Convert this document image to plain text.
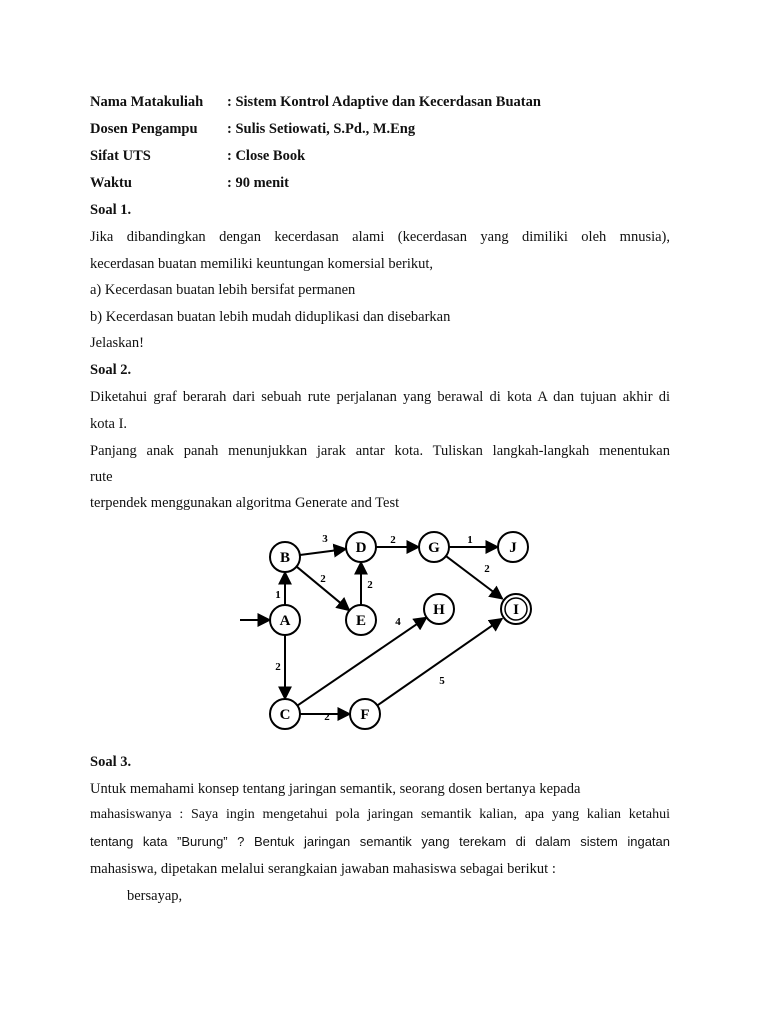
Nama Matakuliah : Sistem Kontrol Adaptive dan Kecerdasan Buatan
Dosen Pengampu : Sulis Setiowati, S.Pd., M.Eng
Sifat UTS	: Close Book
Waktu	: 90 menit
Soal 1.
Jika dibandingkan dengan kecerdasan alami (kecerdasan yang dimiliki oleh mnusia),
kecerdasan buatan memiliki keuntungan komersial berikut,
a) Kecerdasan buatan lebih bersifat permanen
b) Kecerdasan buatan lebih mudah diduplikasi dan disebarkan
Jelaskan!
Soal 2.
Diketahui graf berarah dari sebuah rute perjalanan yang berawal di kota A dan tujuan akhir di
kota I.
Panjang anak panah menunjukkan jarak antar kota. Tuliskan langkah-langkah menentukan
rute
terpendek menggunakan algoritma Generate and Test
1
3
2	2
2	1
2
2
4
2
5
B
D	G	J
A	E
H	I
C	F
Soal 3.
Untuk memahami konsep tentang jaringan semantik, seorang dosen bertanya kepada
mahasiswanya : Saya ingin mengetahui pola jaringan semantik kalian, apa yang kalian ketahui
tentang kata ”Burung” ? Bentuk jaringan semantik yang terekam di dalam sistem ingatan
mahasiswa, dipetakan melalui serangkaian jawaban mahasiswa sebagai berikut :
bersayap,
